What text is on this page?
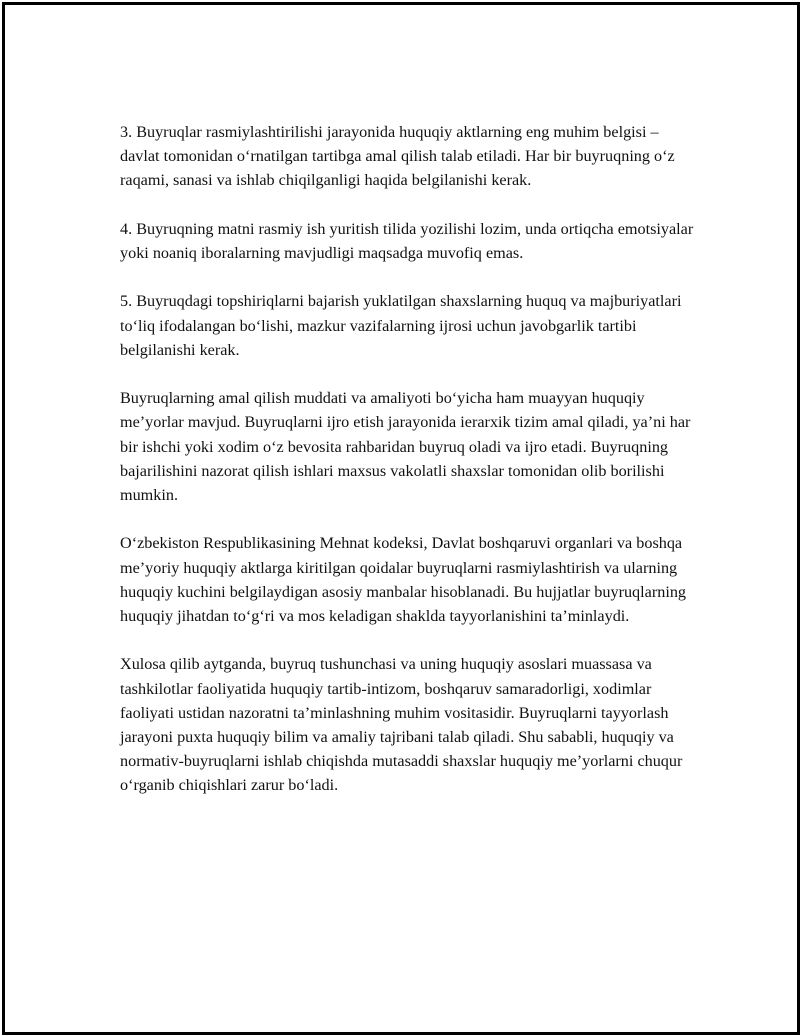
3. Buyruqlar rasmiylashtirilishi jarayonida huquqiy aktlarning eng muhim belgisi – davlat tomonidan oʻrnatilgan tartibga amal qilish talab etiladi. Har bir buyruqning oʻz raqami, sanasi va ishlab chiqilganligi haqida belgilanishi kerak.

4. Buyruqning matni rasmiy ish yuritish tilida yozilishi lozim, unda ortiqcha emotsiyalar yoki noaniq iboralarning mavjudligi maqsadga muvofiq emas.

5. Buyruqdagi topshiriqlarni bajarish yuklatilgan shaxslarning huquq va majburiyatlari toʻliq ifodalangan boʻlishi, mazkur vazifalarning ijrosi uchun javobgarlik tartibi belgilanishi kerak.

Buyruqlarning amal qilish muddati va amaliyoti boʻyicha ham muayyan huquqiy me’yorlar mavjud. Buyruqlarni ijro etish jarayonida ierarxik tizim amal qiladi, ya’ni har bir ishchi yoki xodim oʻz bevosita rahbaridan buyruq oladi va ijro etadi. Buyruqning bajarilishini nazorat qilish ishlari maxsus vakolatli shaxslar tomonidan olib borilishi mumkin.

Oʻzbekiston Respublikasining Mehnat kodeksi, Davlat boshqaruvi organlari va boshqa me’yoriy huquqiy aktlarga kiritilgan qoidalar buyruqlarni rasmiylashtirish va ularning huquqiy kuchini belgilaydigan asosiy manbalar hisoblanadi. Bu hujjatlar buyruqlarning huquqiy jihatdan toʻgʻri va mos keladigan shaklda tayyorlanishini ta’minlaydi.

Xulosa qilib aytganda, buyruq tushunchasi va uning huquqiy asoslari muassasa va tashkilotlar faoliyatida huquqiy tartib-intizom, boshqaruv samaradorligi, xodimlar faoliyati ustidan nazoratni ta’minlashning muhim vositasidir. Buyruqlarni tayyorlash jarayoni puxta huquqiy bilim va amaliy tajribani talab qiladi. Shu sababli, huquqiy va normativ-buyruqlarni ishlab chiqishda mutasaddi shaxslar huquqiy me’yorlarni chuqur oʻrganib chiqishlari zarur boʻladi.
